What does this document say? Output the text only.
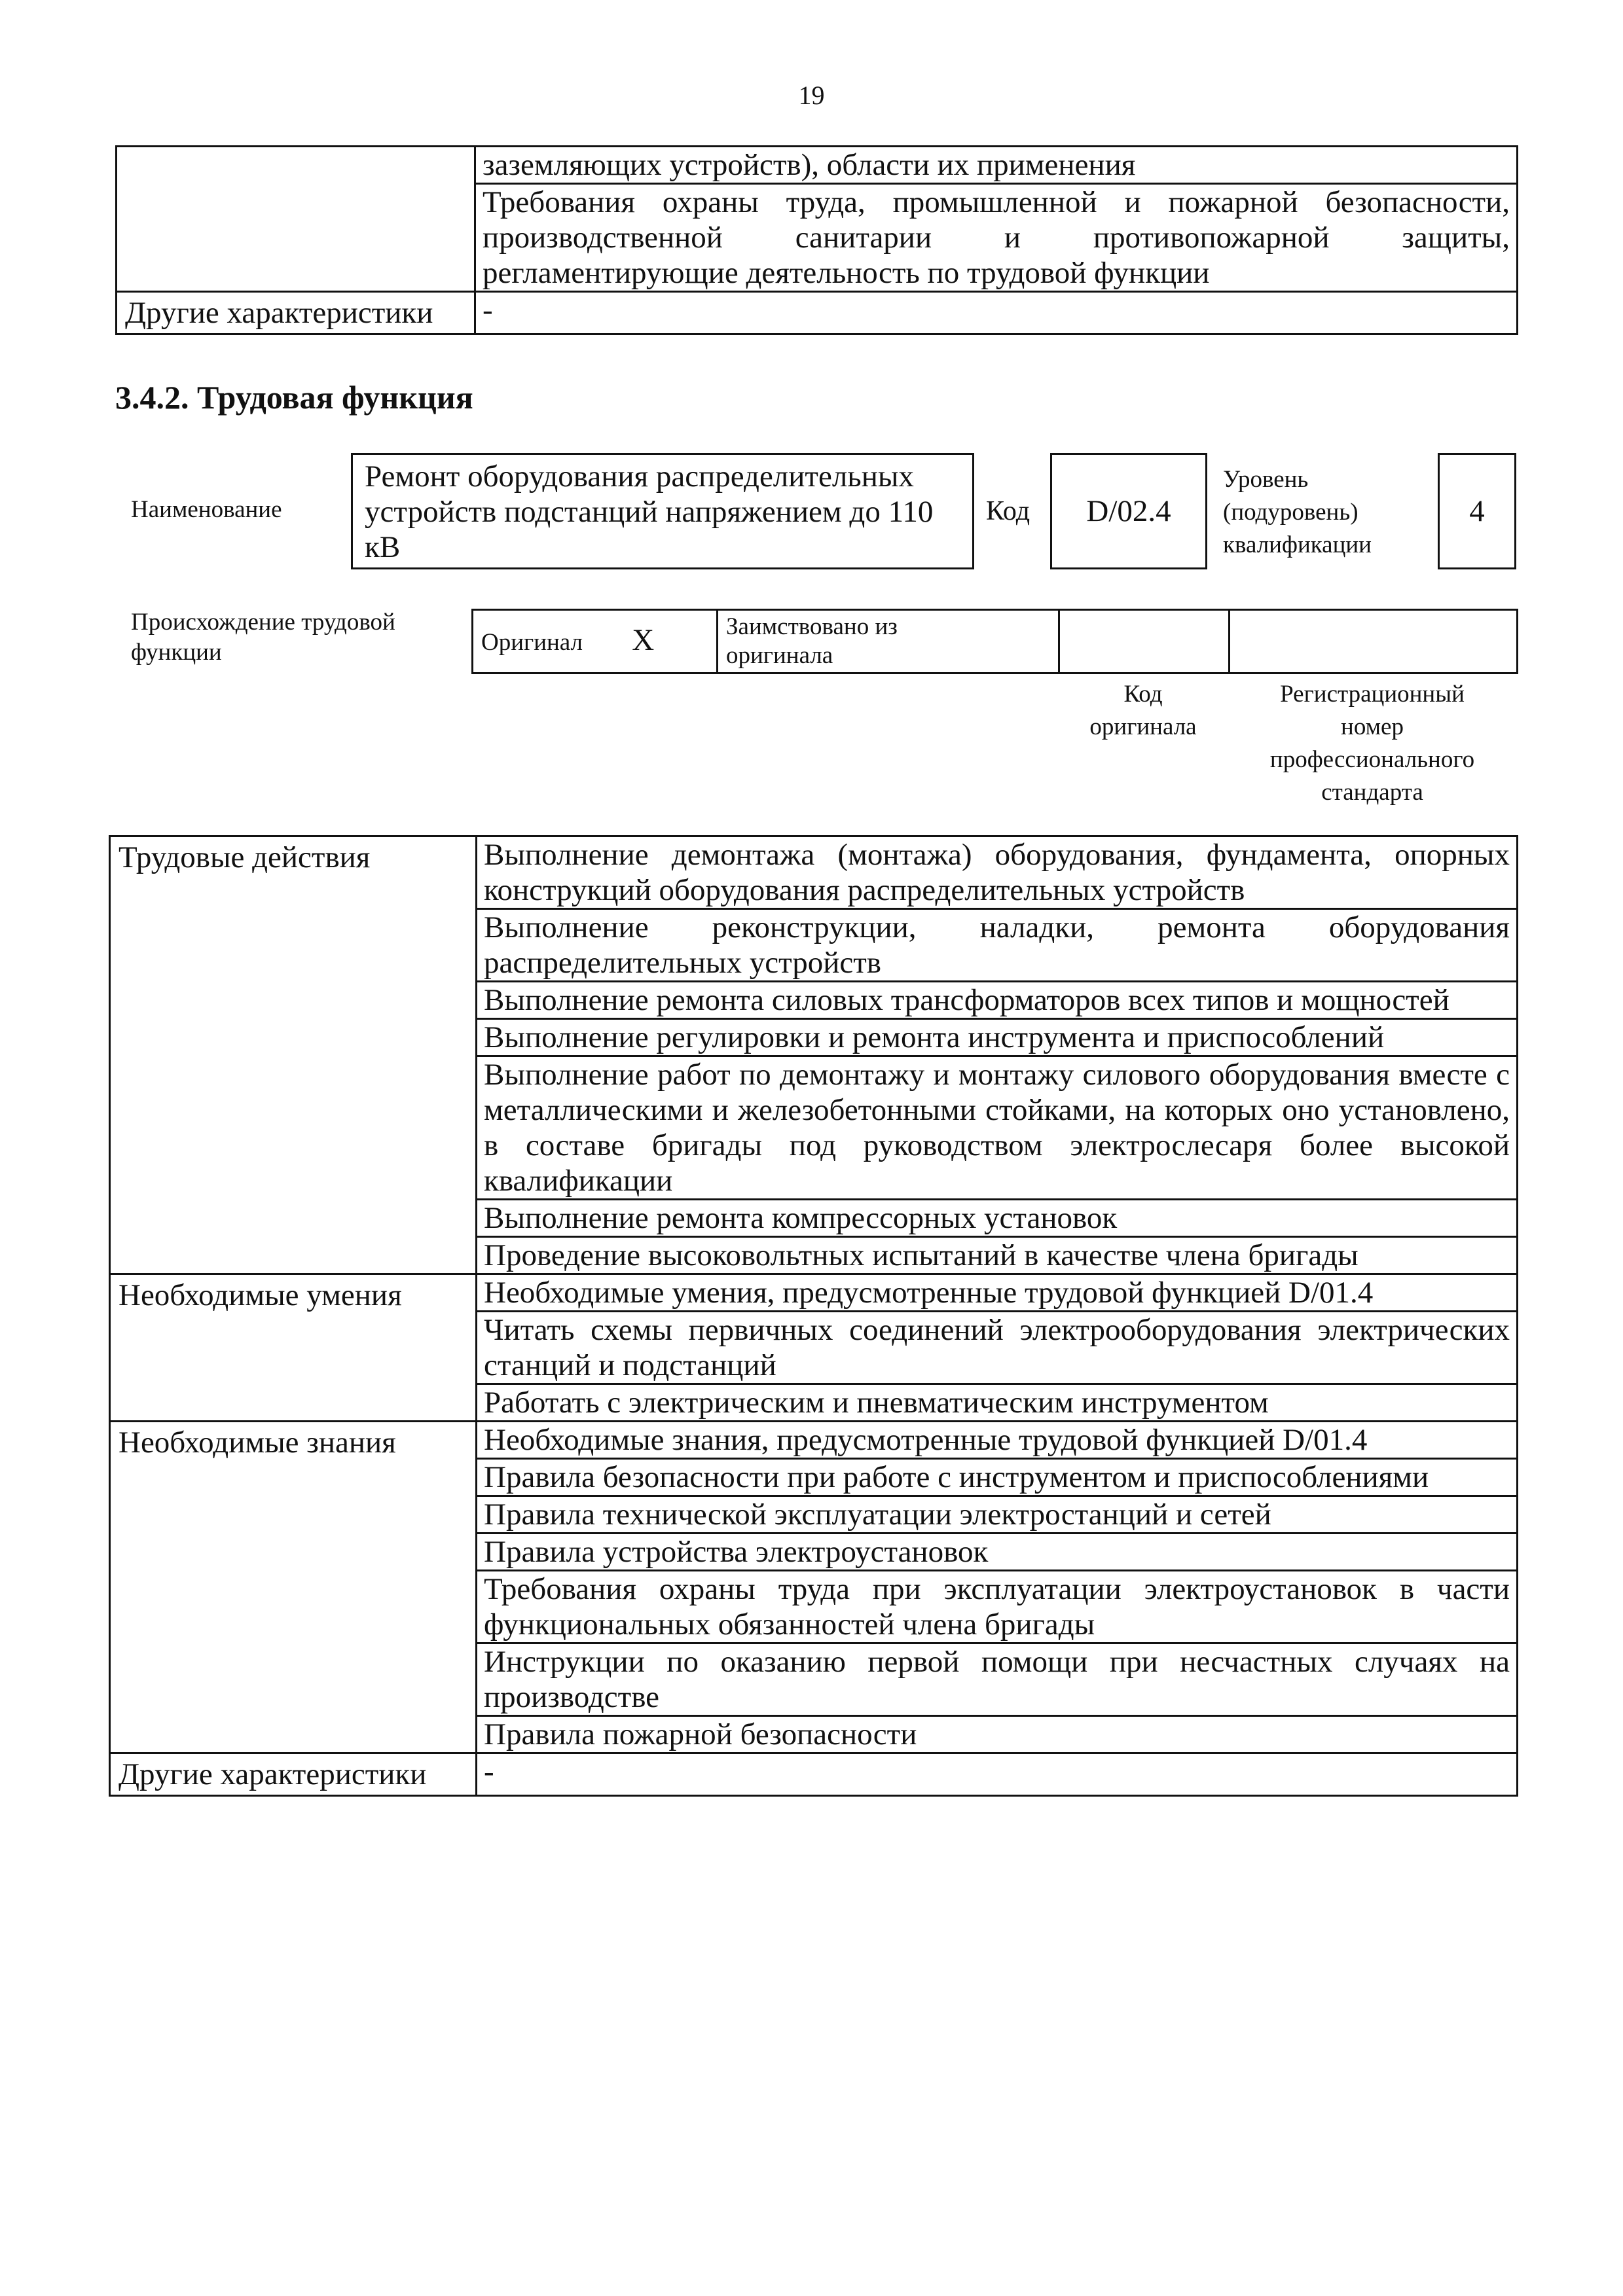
19
	заземляющих устройств), области их применения
	Требования охраны труда, промышленной и пожарной безопасности, производственной санитарии и противопожарной защиты, регламентирующие деятельность по трудовой функции
Другие характеристики	-
3.4.2. Трудовая функция
Наименование
Ремонт оборудования распределительных устройств подстанций напряжением до 110 кВ
Код	D/02.4
Уровень
(подуровень)
квалификации
4
Происхождение трудовой
функции	Оригинал X	Заимствовано из
оригинала

Код
оригинала
Регистрационный
номер
профессионального
стандарта
Трудовые действия	Выполнение демонтажа (монтажа) оборудования, фундамента, опорных конструкций оборудования распределительных устройств
	Выполнение реконструкции, наладки, ремонта оборудования распределительных устройств
	Выполнение ремонта силовых трансформаторов всех типов и мощностей
	Выполнение регулировки и ремонта инструмента и приспособлений
	Выполнение работ по демонтажу и монтажу силового оборудования вместе с металлическими и железобетонными стойками, на которых оно установлено, в составе бригады под руководством электрослесаря более высокой квалификации
	Выполнение ремонта компрессорных установок
	Проведение высоковольтных испытаний в качестве члена бригады
Необходимые умения	Необходимые умения, предусмотренные трудовой функцией D/01.4
	Читать схемы первичных соединений электрооборудования электрических станций и подстанций
	Работать с электрическим и пневматическим инструментом
Необходимые знания	Необходимые знания, предусмотренные трудовой функцией D/01.4
	Правила безопасности при работе с инструментом и приспособлениями
	Правила технической эксплуатации электростанций и сетей
	Правила устройства электроустановок
	Требования охраны труда при эксплуатации электроустановок в части функциональных обязанностей члена бригады
	Инструкции по оказанию первой помощи при несчастных случаях на производстве
	Правила пожарной безопасности
Другие характеристики	-
